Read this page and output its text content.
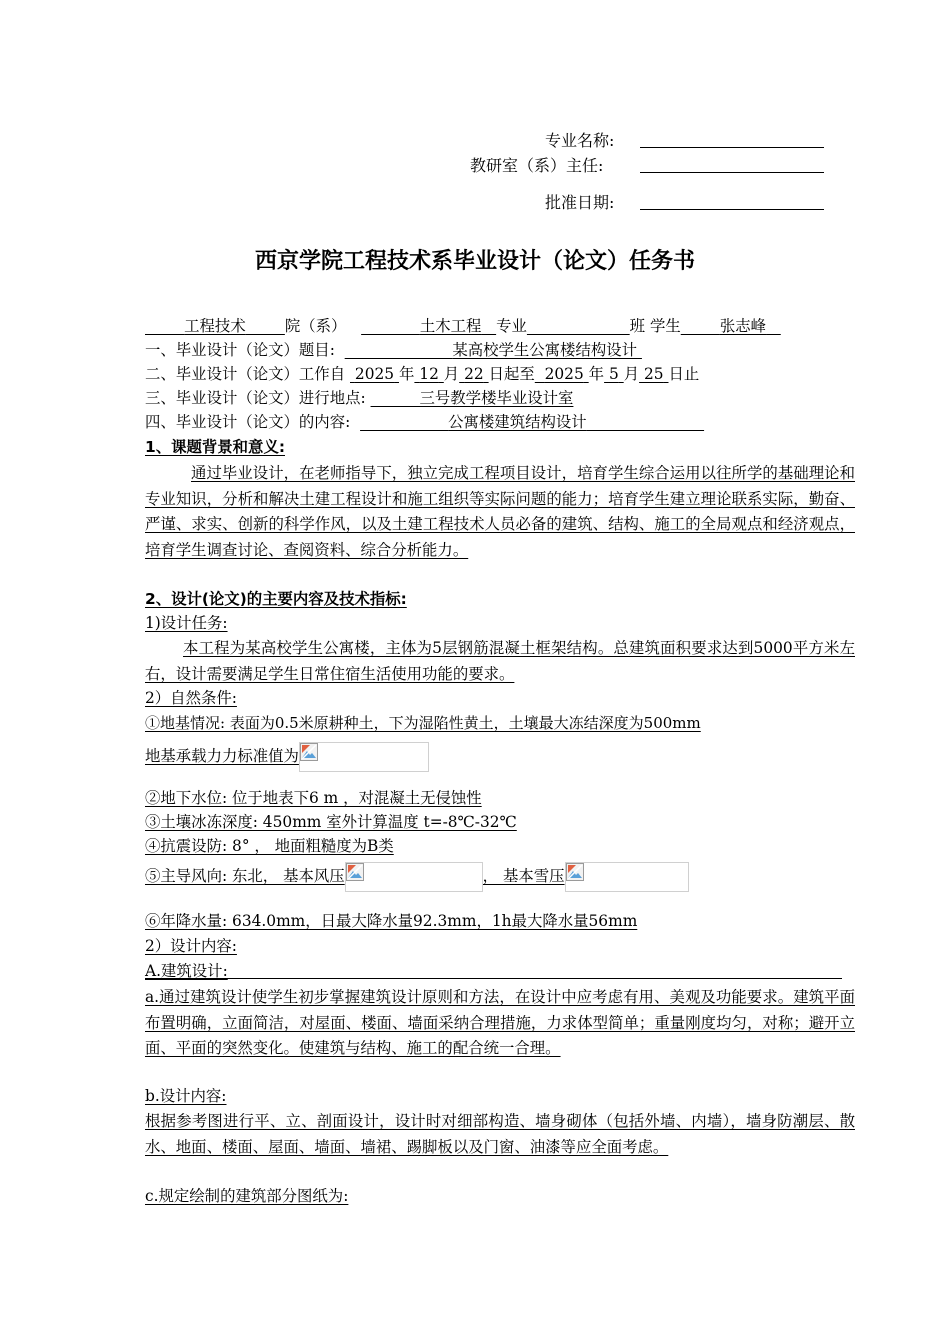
专业名称:
教研室（系）主任:
批准日期:
西京学院工程技术系毕业设计（论文）任务书
工程技术	院（系）	土木工程 专业	班 学生	张志峰
一、毕业设计（论文）题目:	某高校学生公寓楼结构设计
二、毕业设计（论文）工作自 2025 年 12 月 22 日起至 2025 年 5 月 25 日止
三、毕业设计（论文）进行地点:	三号教学楼毕业设计室
四、毕业设计（论文）的内容:	公寓楼建筑结构设计
1、课题背景和意义:
通过毕业设计，在老师指导下，独立完成工程项目设计，培育学生综合运用以往所学的基础理论和专业知识，分析和解决土建工程设计和施工组织等实际问题的能力；培育学生建立理论联系实际，勤奋、严谨、求实、创新的科学作风，以及土建工程技术人员必备的建筑、结构、施工的全局观点和经济观点，培育学生调查讨论、查阅资料、综合分析能力。
2、设计(论文)的主要内容及技术指标:
1)设计任务:
本工程为某高校学生公寓楼，主体为5层钢筋混凝土框架结构。总建筑面积要求达到5000平方米左右，设计需要满足学生日常住宿生活使用功能的要求。
2）自然条件:
①地基情况: 表面为0.5米原耕种土，下为湿陷性黄土，土壤最大冻结深度为500mm
地基承载力力标准值为
②地下水位: 位于地表下6 m ，对混凝土无侵蚀性
③土壤冰冻深度: 450mm 室外计算温度 t=-8℃-32℃
④抗震设防: 8° ， 地面粗糙度为B类
⑤主导风向: 东北， 基本风压	， 基本雪压
⑥年降水量: 634.0mm，日最大降水量92.3mm，1h最大降水量56mm
2）设计内容:
A.建筑设计:
a.通过建筑设计使学生初步掌握建筑设计原则和方法，在设计中应考虑有用、美观及功能要求。建筑平面布置明确，立面简洁，对屋面、楼面、墙面采纳合理措施，力求体型简单；重量刚度均匀，对称；避开立面、平面的突然变化。使建筑与结构、施工的配合统一合理。
b.设计内容:
根据参考图进行平、立、剖面设计，设计时对细部构造、墙身砌体（包括外墙、内墙），墙身防潮层、散水、地面、楼面、屋面、墙面、墙裙、踢脚板以及门窗、油漆等应全面考虑。
c.规定绘制的建筑部分图纸为:
